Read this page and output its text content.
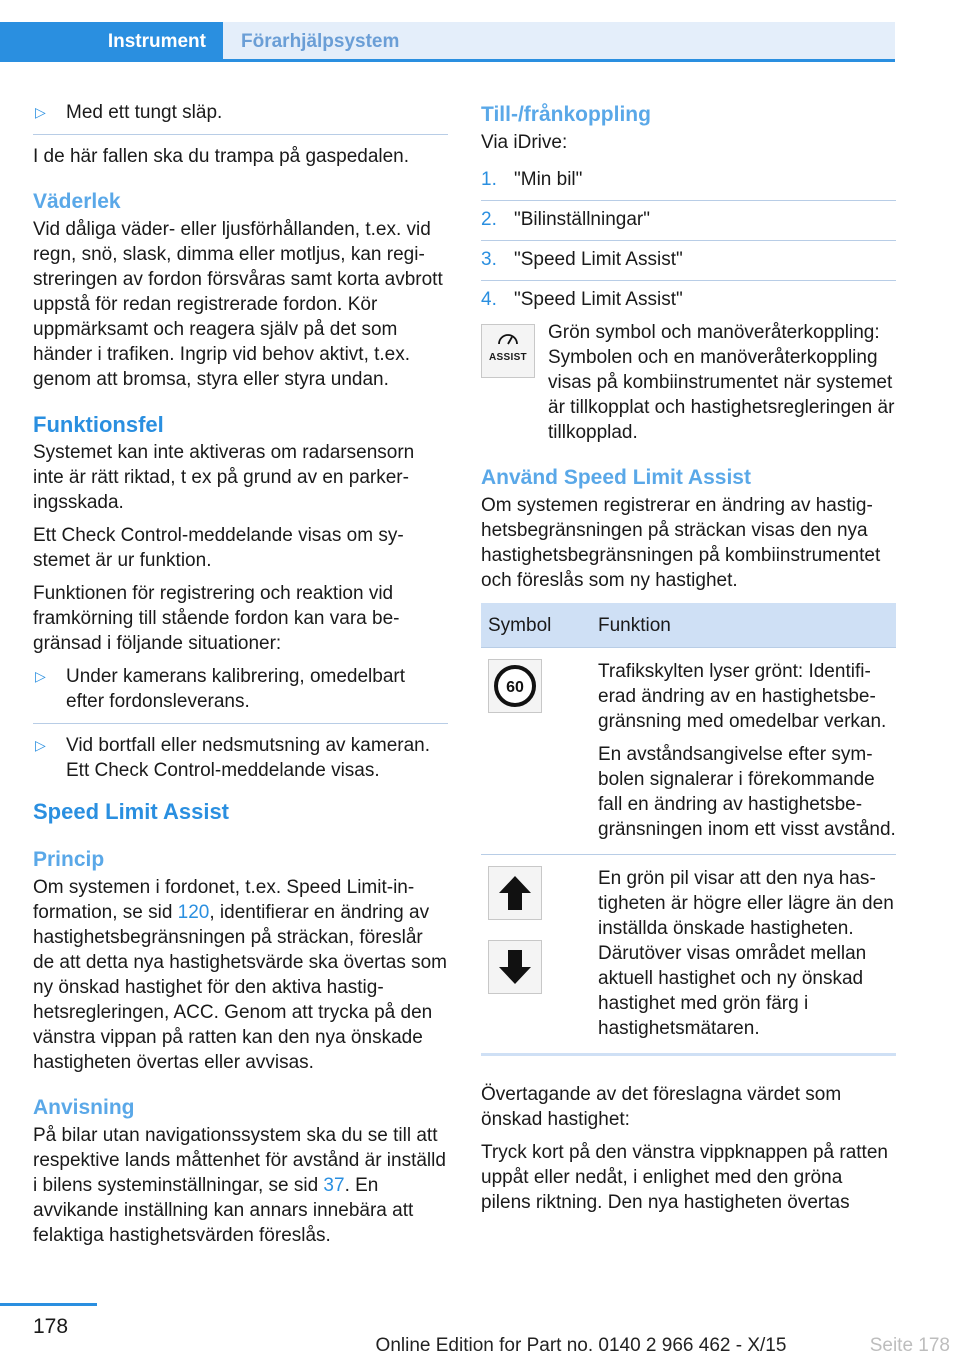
Instrument	Förarhjälpsystem
▷ Med ett tungt släp.

I de här fallen ska du trampa på gaspedalen.

Väderlek

Vid dåliga väder- eller ljusförhållanden, t.ex. vid regn, snö, slask, dimma eller motljus, kan registreringen av fordon försvåras samt korta avbrott uppstå för redan registrerade fordon. Kör uppmärksamt och reagera själv på det som händer i trafiken. Ingrip vid behov aktivt, t.ex. genom att bromsa, styra eller styra undan.

Funktionsfel

Systemet kan inte aktiveras om radarsensorn inte är rätt riktad, t ex på grund av en parkeringsskada.

Ett Check Control-meddelande visas om systemet är ur funktion.

Funktionen för registrering och reaktion vid framkörning till stående fordon kan vara begränsad i följande situationer:

▷ Under kamerans kalibrering, omedelbart efter fordonsleverans.
▷ Vid bortfall eller nedsmutsning av kameran. Ett Check Control-meddelande visas.
Speed Limit Assist
Princip

Om systemen i fordonet, t.ex. Speed Limit-information, se sid 120, identifierar en ändring av hastighetsbegränsningen på sträckan, föreslår de att detta nya hastighetsvärde ska övertas som ny önskad hastighet för den aktiva hastighetsregleringen, ACC. Genom att trycka på den vänstra vippan på ratten kan den nya önskade hastigheten övertas eller avvisas.

Anvisning

På bilar utan navigationssystem ska du se till att respektive lands måttenhet för avstånd är inställd i bilens systeminställningar, se sid 37. En avvikande inställning kan annars innebära att felaktiga hastighetsvärden föreslås.

Till-/frånkoppling

Via iDrive:

1. "Min bil"
2. "Bilinställningar"
3. "Speed Limit Assist"
4. "Speed Limit Assist"
ASSIST

Grön symbol och manöveråterkoppling: Symbolen och en manöveråterkoppling visas på kombiinstrumentet när systemet är tillkopplat och hastighetsregleringen är tillkopplad.

Använd Speed Limit Assist

Om systemen registrerar en ändring av hastighetsbegränsningen på sträckan visas den nya hastighetsbegränsningen på kombiinstrumentet och föreslås som ny hastighet.

Symbol	Funktion

60	Trafikskylten lyser grönt: Identifierad ändring av en hastighetsbegränsning med omedelbar verkan.

En avståndsangivelse efter symbolen signalerar i förekommande fall en ändring av hastighetsbegränsningen inom ett visst avstånd.

En grön pil visar att den nya hastigheten är högre eller lägre än den inställda önskade hastigheten. Därutöver visas området mellan aktuell hastighet och ny önskad hastighet med grön färg i hastighetsmätaren.

Övertagande av det föreslagna värdet som önskad hastighet:

Tryck kort på den vänstra vippknappen på ratten uppåt eller nedåt, i enlighet med den gröna pilens riktning. Den nya hastigheten övertas

178
Online Edition for Part no. 0140 2 966 462 - X/15	Seite 178
